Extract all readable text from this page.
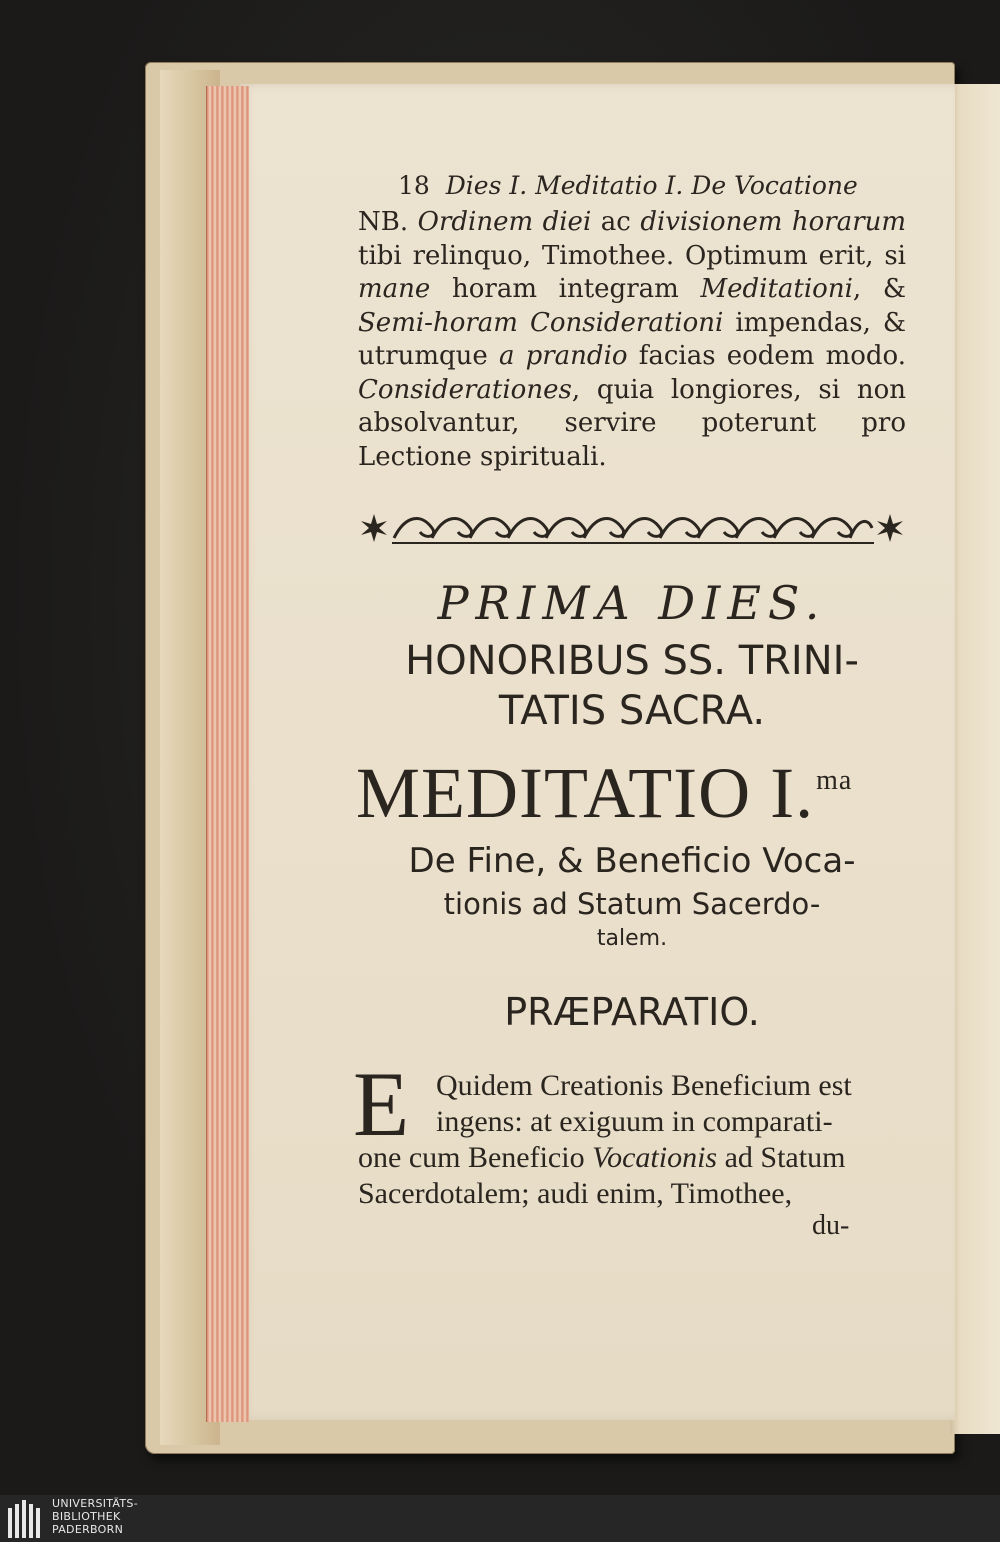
18 Dies I. Meditatio I. De Vocatione
NB. Ordinem diei ac divisionem horarum tibi relinquo, Timothee. Optimum erit, si mane horam integram Meditationi, & Semi-horam Considerationi impendas, & utrumque a prandio facias eodem modo. Considerationes, quia longiores, si non absolvantur, servire poterunt pro Lectione spirituali.
PRIMA DIES.
HONORIBUS SS. TRINI-
TATIS SACRA.
MEDITATIO I.$^{ma}$
De Fine, & Beneficio Voca-
tionis ad Statum Sacerdo-
talem.
PRÆPARATIO.
E Quidem Creationis Beneficium est
ingens: at exiguum in comparati-
one cum Beneficio Vocationis ad Statum
Sacerdotalem; audi enim, Timothee,
du-
UNIVERSITÄTS-
BIBLIOTHEK
PADERBORN
